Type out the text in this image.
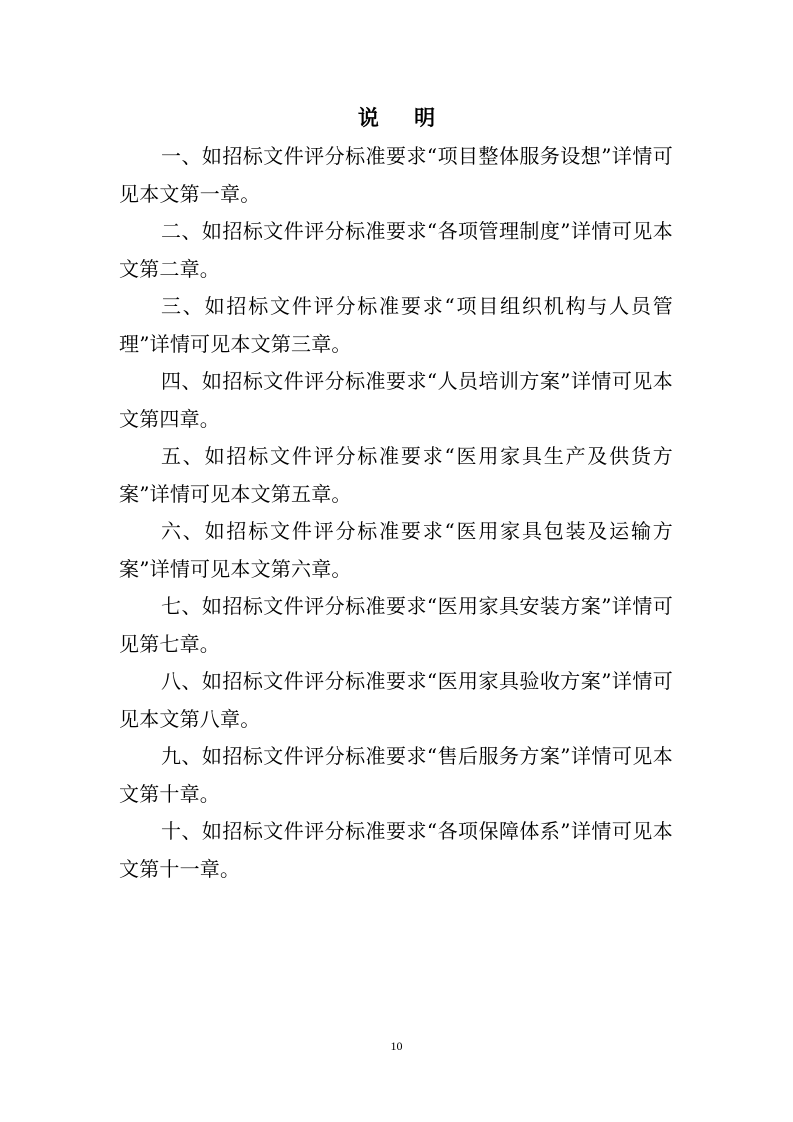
说 明

一、如招标文件评分标准要求“项目整体服务设想”详情可见本文第一章。

二、如招标文件评分标准要求“各项管理制度”详情可见本文第二章。

三、如招标文件评分标准要求“项目组织机构与人员管理”详情可见本文第三章。

四、如招标文件评分标准要求“人员培训方案”详情可见本文第四章。

五、如招标文件评分标准要求“医用家具生产及供货方案”详情可见本文第五章。

六、如招标文件评分标准要求“医用家具包装及运输方案”详情可见本文第六章。

七、如招标文件评分标准要求“医用家具安装方案”详情可见第七章。

八、如招标文件评分标准要求“医用家具验收方案”详情可见本文第八章。

九、如招标文件评分标准要求“售后服务方案”详情可见本文第十章。

十、如招标文件评分标准要求“各项保障体系”详情可见本文第十一章。

10
